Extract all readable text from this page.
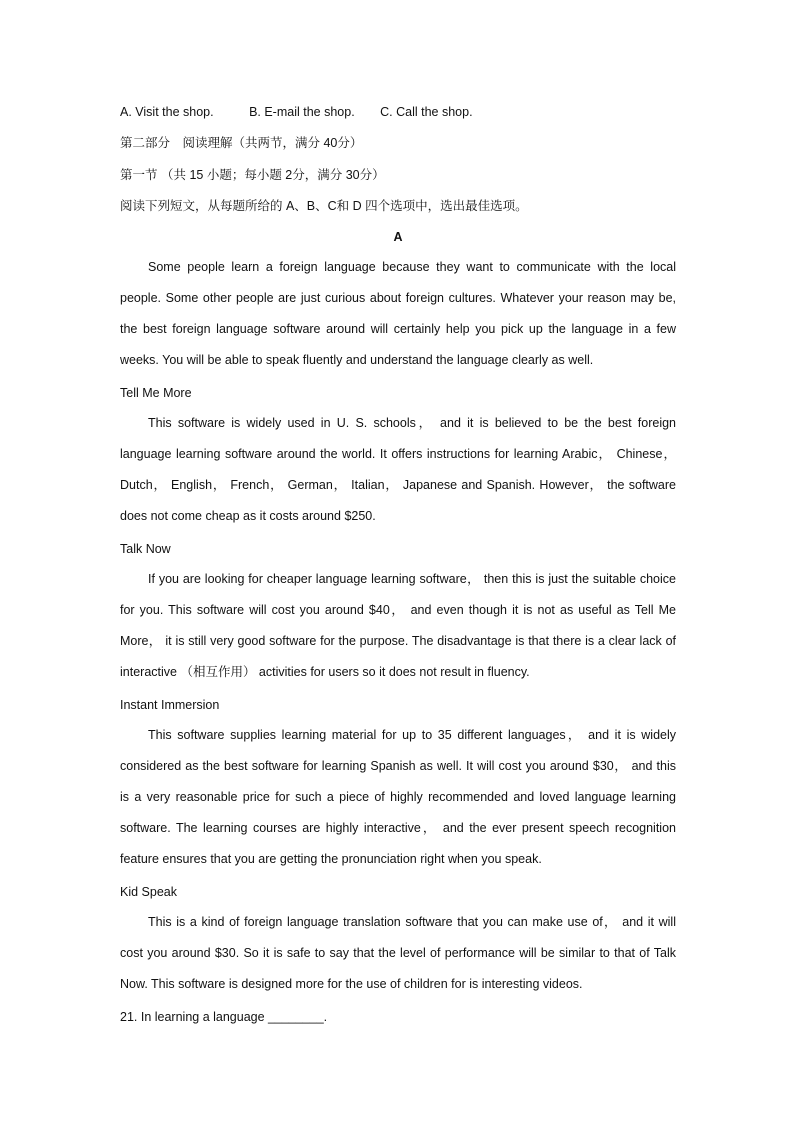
A. Visit the shop.	B. E-mail the shop. C. Call the shop.
第二部分　阅读理解（共两节，满分 40分）
第一节 （共 15 小题；每小题 2分，满分 30分）
阅读下列短文，从每题所给的 A、B、C和 D 四个选项中，选出最佳选项。
A
Some people learn a foreign language because they want to communicate with the local people. Some other people are just curious about foreign cultures. Whatever your reason may be, the best foreign language software around will certainly help you pick up the language in a few weeks. You will be able to speak fluently and understand the language clearly as well.
Tell Me More
This software is widely used in U. S. schools， and it is believed to be the best foreign language learning software around the world. It offers instructions for learning Arabic， Chinese， Dutch， English， French， German， Italian， Japanese and Spanish. However， the software does not come cheap as it costs around $250.
Talk Now
If you are looking for cheaper language learning software， then this is just the suitable choice for you. This software will cost you around $40， and even though it is not as useful as Tell Me More， it is still very good software for the purpose. The disadvantage is that there is a clear lack of interactive （相互作用） activities for users so it does not result in fluency.
Instant Immersion
This software supplies learning material for up to 35 different languages， and it is widely considered as the best software for learning Spanish as well. It will cost you around $30， and this is a very reasonable price for such a piece of highly recommended and loved language learning software. The learning courses are highly interactive， and the ever present speech recognition feature ensures that you are getting the pronunciation right when you speak.
Kid Speak
This is a kind of foreign language translation software that you can make use of， and it will cost you around $30. So it is safe to say that the level of performance will be similar to that of Talk Now. This software is designed more for the use of children for is interesting videos.
21. In learning a language ________.
